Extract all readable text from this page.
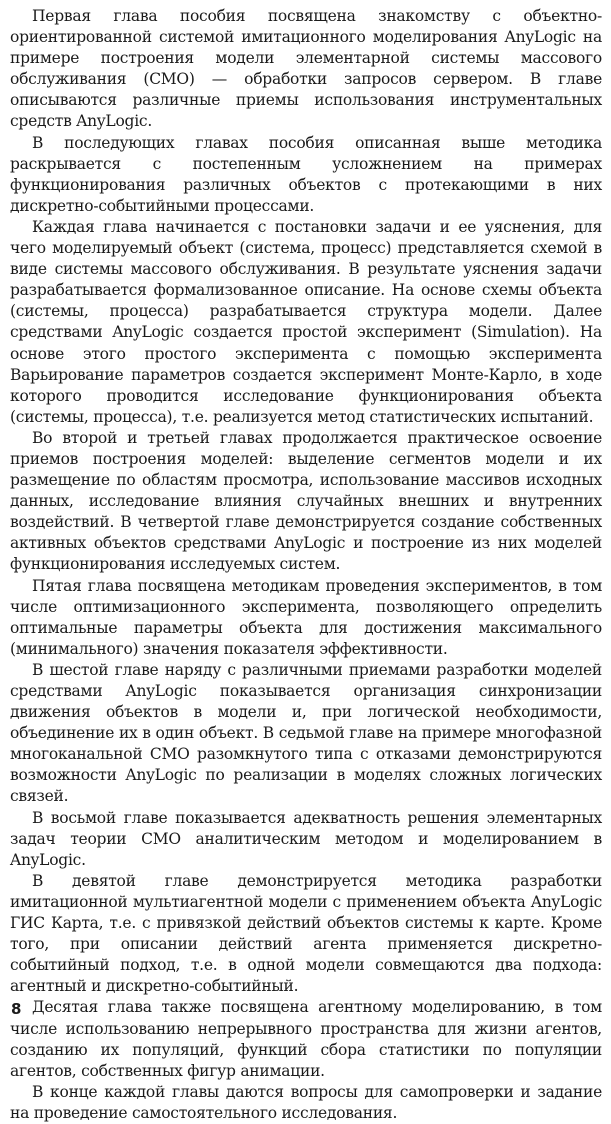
Первая глава пособия посвящена знакомству с объектно-ориентированной системой имитационного моделирования AnyLogic на примере построения модели элементарной системы массового обслуживания (СМО) — обработки запросов сервером. В главе описываются различные приемы использования инструментальных средств AnyLogic.

В последующих главах пособия описанная выше методика раскрывается с постепенным усложнением на примерах функционирования различных объектов с протекающими в них дискретно-событийными процессами.

Каждая глава начинается с постановки задачи и ее уяснения, для чего моделируемый объект (система, процесс) представляется схемой в виде системы массового обслуживания. В результате уяснения задачи разрабатывается формализованное описание. На основе схемы объекта (системы, процесса) разрабатывается структура модели. Далее средствами AnyLogic создается простой эксперимент (Simulation). На основе этого простого эксперимента с помощью эксперимента Варьирование параметров создается эксперимент Монте-Карло, в ходе которого проводится исследование функционирования объекта (системы, процесса), т.е. реализуется метод статистических испытаний.

Во второй и третьей главах продолжается практическое освоение приемов построения моделей: выделение сегментов модели и их размещение по областям просмотра, использование массивов исходных данных, исследование влияния случайных внешних и внутренних воздействий. В четвертой главе демонстрируется создание собственных активных объектов средствами AnyLogic и построение из них моделей функционирования исследуемых систем.

Пятая глава посвящена методикам проведения экспериментов, в том числе оптимизационного эксперимента, позволяющего определить оптимальные параметры объекта для достижения максимального (минимального) значения показателя эффективности.

В шестой главе наряду с различными приемами разработки моделей средствами AnyLogic показывается организация синхронизации движения объектов в модели и, при логической необходимости, объединение их в один объект. В седьмой главе на примере многофазной многоканальной СМО разомкнутого типа с отказами демонстрируются возможности AnyLogic по реализации в моделях сложных логических связей.

В восьмой главе показывается адекватность решения элементарных задач теории СМО аналитическим методом и моделированием в AnyLogic.

В девятой главе демонстрируется методика разработки имитационной мультиагентной модели с применением объекта AnyLogic ГИС Карта, т.е. с привязкой действий объектов системы к карте. Кроме того, при описании действий агента применяется дискретно-событийный подход, т.е. в одной модели совмещаются два подхода: агентный и дискретно-событийный.

Десятая глава также посвящена агентному моделированию, в том числе использованию непрерывного пространства для жизни агентов, созданию их популяций, функций сбора статистики по популяции агентов, собственных фигур анимации.

В конце каждой главы даются вопросы для самопроверки и задание на проведение самостоятельного исследования.

8
